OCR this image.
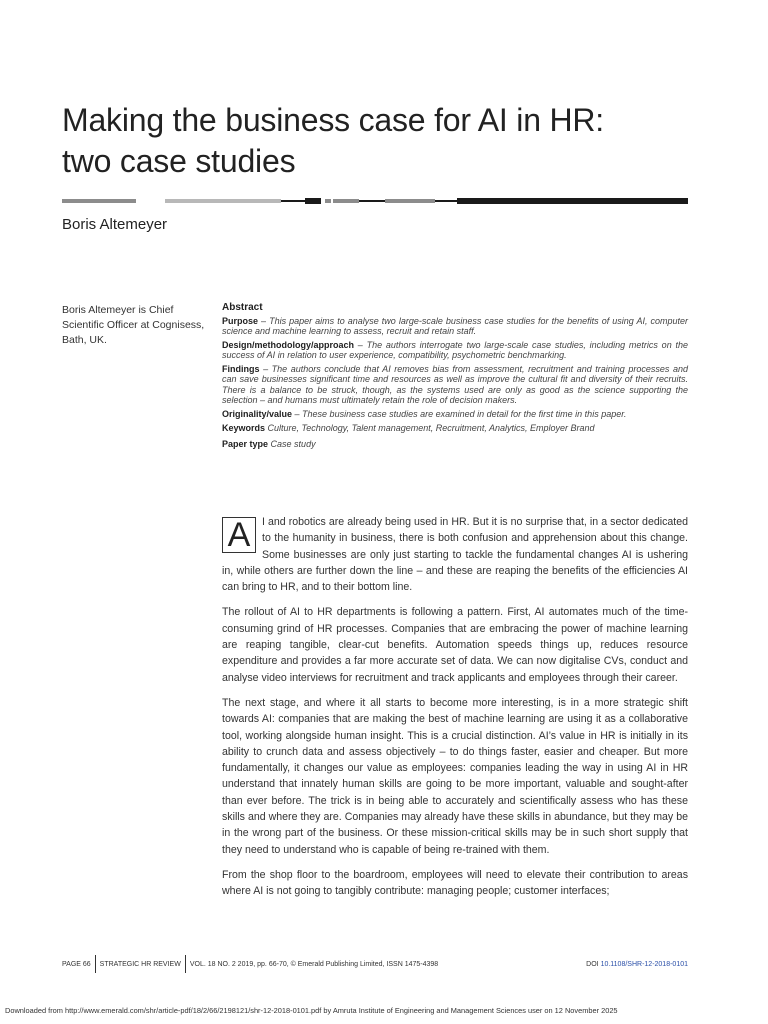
Making the business case for AI in HR:
two case studies
Boris Altemeyer
Boris Altemeyer is Chief Scientific Officer at Cognisess, Bath, UK.
Abstract
Purpose – This paper aims to analyse two large-scale business case studies for the benefits of using AI, computer science and machine learning to assess, recruit and retain staff.
Design/methodology/approach – The authors interrogate two large-scale case studies, including metrics on the success of AI in relation to user experience, compatibility, psychometric benchmarking.
Findings – The authors conclude that AI removes bias from assessment, recruitment and training processes and can save businesses significant time and resources as well as improve the cultural fit and diversity of their recruits. There is a balance to be struck, though, as the systems used are only as good as the science supporting the selection – and humans must ultimately retain the role of decision makers.
Originality/value – These business case studies are examined in detail for the first time in this paper.
Keywords Culture, Technology, Talent management, Recruitment, Analytics, Employer Brand
Paper type Case study

A	I and robotics are already being used in HR. But it is no surprise that, in a sector dedicated to the humanity in business, there is both confusion and apprehension about this change. Some businesses are only just starting to tackle the fundamental changes AI is ushering in, while others are further down the line – and these are reaping the benefits of the efficiencies AI can bring to HR, and to their bottom line.

The rollout of AI to HR departments is following a pattern. First, AI automates much of the time-consuming grind of HR processes. Companies that are embracing the power of machine learning are reaping tangible, clear-cut benefits. Automation speeds things up, reduces resource expenditure and provides a far more accurate set of data. We can now digitalise CVs, conduct and analyse video interviews for recruitment and track applicants and employees through their career.

The next stage, and where it all starts to become more interesting, is in a more strategic shift towards AI: companies that are making the best of machine learning are using it as a collaborative tool, working alongside human insight. This is a crucial distinction. AI’s value in HR is initially in its ability to crunch data and assess objectively – to do things faster, easier and cheaper. But more fundamentally, it changes our value as employees: companies leading the way in using AI in HR understand that innately human skills are going to be more important, valuable and sought-after than ever before. The trick is in being able to accurately and scientifically assess who has these skills and where they are. Companies may already have these skills in abundance, but they may be in the wrong part of the business. Or these mission-critical skills may be in such short supply that they need to understand who is capable of being re-trained with them.

From the shop floor to the boardroom, employees will need to elevate their contribution to areas where AI is not going to tangibly contribute: managing people; customer interfaces;

PAGE 66 STRATEGIC HR REVIEW VOL. 18 NO. 2 2019, pp. 66-70, © Emerald Publishing Limited, ISSN 1475-4398	DOI 10.1108/SHR-12-2018-0101
Downloaded from http://www.emerald.com/shr/article-pdf/18/2/66/2198121/shr-12-2018-0101.pdf by Amruta Institute of Engineering and Management Sciences user on 12 November 2025
